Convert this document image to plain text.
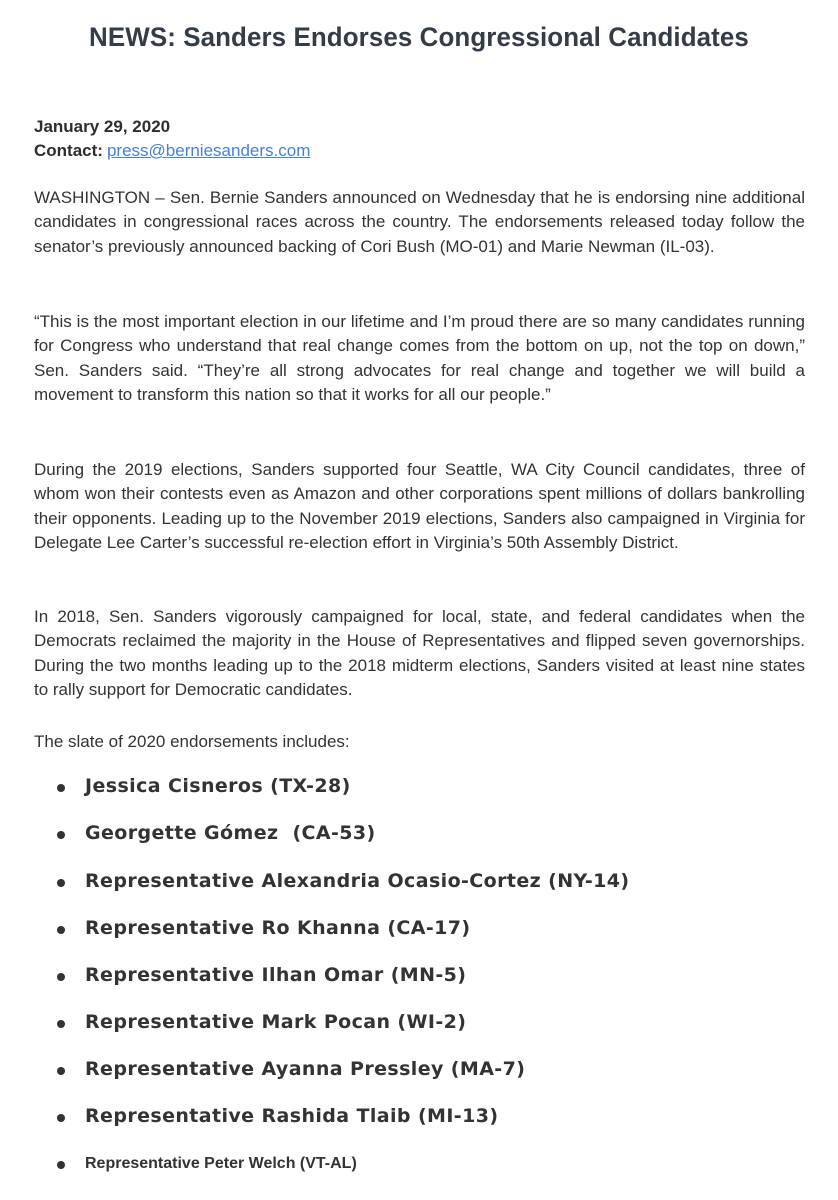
NEWS: Sanders Endorses Congressional Candidates
January 29, 2020
Contact: press@berniesanders.com

WASHINGTON – Sen. Bernie Sanders announced on Wednesday that he is endorsing nine additional candidates in congressional races across the country. The endorsements released today follow the senator’s previously announced backing of Cori Bush (MO-01) and Marie Newman (IL-03).

“This is the most important election in our lifetime and I’m proud there are so many candidates running for Congress who understand that real change comes from the bottom on up, not the top on down,” Sen. Sanders said. “They’re all strong advocates for real change and together we will build a movement to transform this nation so that it works for all our people.”

During the 2019 elections, Sanders supported four Seattle, WA City Council candidates, three of whom won their contests even as Amazon and other corporations spent millions of dollars bankrolling their opponents. Leading up to the November 2019 elections, Sanders also campaigned in Virginia for Delegate Lee Carter’s successful re-election effort in Virginia’s 50th Assembly District.

In 2018, Sen. Sanders vigorously campaigned for local, state, and federal candidates when the Democrats reclaimed the majority in the House of Representatives and flipped seven governorships. During the two months leading up to the 2018 midterm elections, Sanders visited at least nine states to rally support for Democratic candidates.

The slate of 2020 endorsements includes:

Jessica Cisneros (TX-28)
Georgette Gómez  (CA-53)
Representative Alexandria Ocasio-Cortez (NY-14)
Representative Ro Khanna (CA-17)
Representative Ilhan Omar (MN-5)
Representative Mark Pocan (WI-2)
Representative Ayanna Pressley (MA-7)
Representative Rashida Tlaib (MI-13)
Representative Peter Welch (VT-AL)
